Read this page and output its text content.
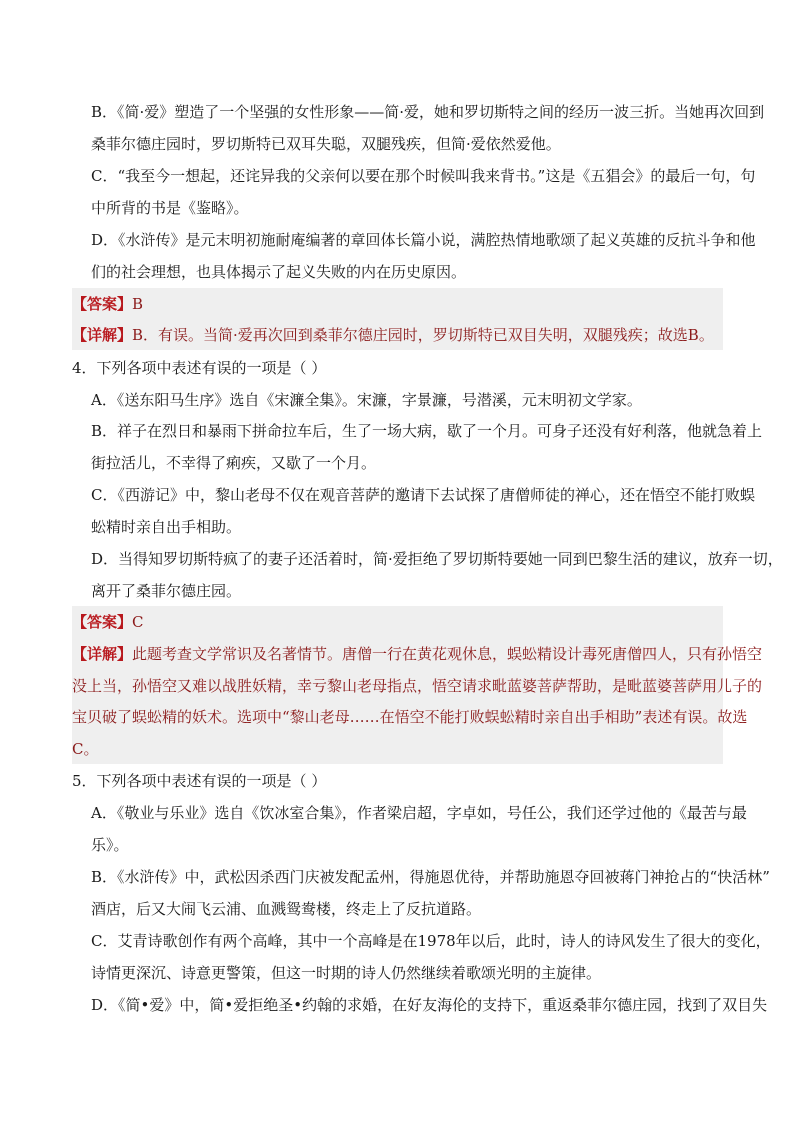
B．《简·爱》塑造了一个坚强的女性形象——简·爱，她和罗切斯特之间的经历一波三折。当她再次回到
桑菲尔德庄园时，罗切斯特已双耳失聪，双腿残疾，但简·爱依然爱他。
C．“我至今一想起，还诧异我的父亲何以要在那个时候叫我来背书。”这是《五猖会》的最后一句，句
中所背的书是《鉴略》。
D．《水浒传》是元末明初施耐庵编著的章回体长篇小说，满腔热情地歌颂了起义英雄的反抗斗争和他
们的社会理想，也具体揭示了起义失败的内在历史原因。
【答案】B
【详解】B．有误。当简·爱再次回到桑菲尔德庄园时，罗切斯特已双目失明，双腿残疾；故选B。
4．下列各项中表述有误的一项是（ ）
A．《送东阳马生序》选自《宋濂全集》。宋濂，字景濂，号潜溪，元末明初文学家。
B．祥子在烈日和暴雨下拼命拉车后，生了一场大病，歇了一个月。可身子还没有好利落，他就急着上
街拉活儿，不幸得了痢疾，又歇了一个月。
C．《西游记》中，黎山老母不仅在观音菩萨的邀请下去试探了唐僧师徒的禅心，还在悟空不能打败蜈
蚣精时亲自出手相助。
D．当得知罗切斯特疯了的妻子还活着时，简·爱拒绝了罗切斯特要她一同到巴黎生活的建议，放弃一切，
离开了桑菲尔德庄园。
【答案】C
【详解】此题考查文学常识及名著情节。唐僧一行在黄花观休息，蜈蚣精设计毒死唐僧四人，只有孙悟空
没上当，孙悟空又难以战胜妖精，幸亏黎山老母指点，悟空请求毗蓝婆菩萨帮助，是毗蓝婆菩萨用儿子的
宝贝破了蜈蚣精的妖术。选项中“黎山老母……在悟空不能打败蜈蚣精时亲自出手相助”表述有误。故选
C。
5．下列各项中表述有误的一项是（ ）
A．《敬业与乐业》选自《饮冰室合集》，作者梁启超，字卓如，号任公，我们还学过他的《最苦与最
乐》。
B．《水浒传》中，武松因杀西门庆被发配孟州，得施恩优待，并帮助施恩夺回被蒋门神抢占的“快活林”
酒店，后又大闹飞云浦、血溅鸳鸯楼，终走上了反抗道路。
C．艾青诗歌创作有两个高峰，其中一个高峰是在1978年以后，此时，诗人的诗风发生了很大的变化，
诗情更深沉、诗意更警策，但这一时期的诗人仍然继续着歌颂光明的主旋律。
D．《简•爱》中，简•爱拒绝圣•约翰的求婚，在好友海伦的支持下，重返桑菲尔德庄园，找到了双目失
